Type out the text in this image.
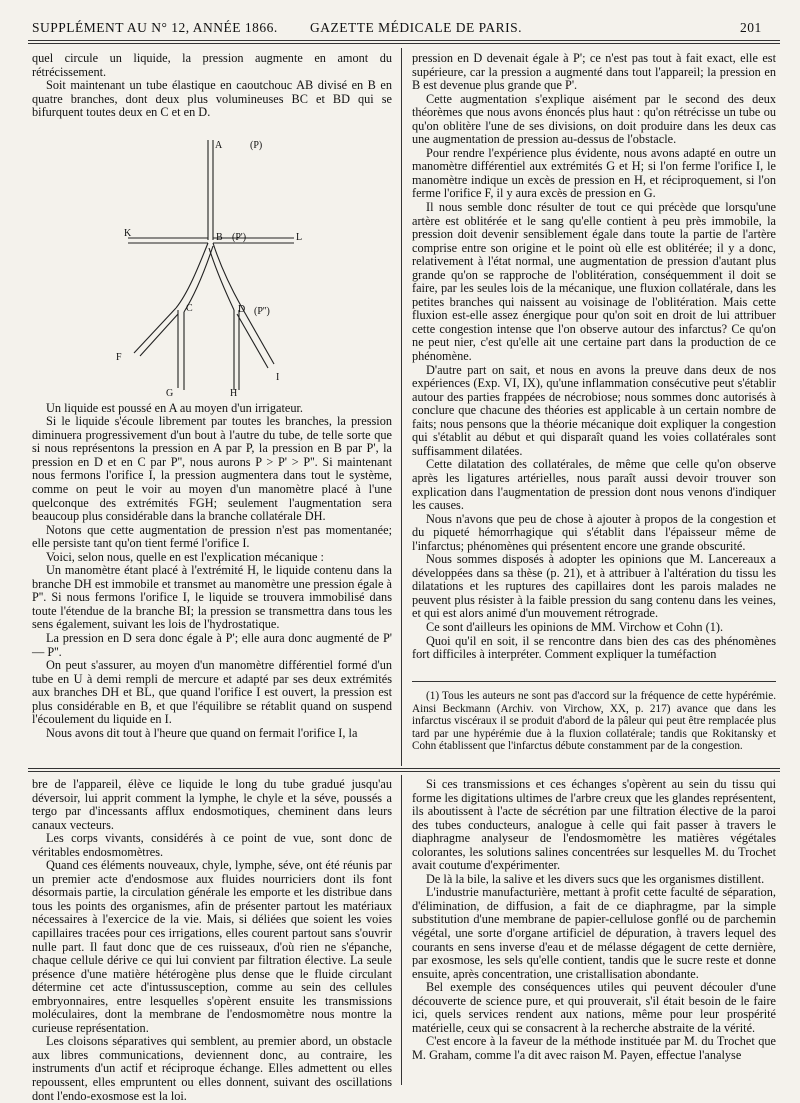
SUPPLÉMENT AU N° 12, ANNÉE 1866. GAZETTE MÉDICALE DE PARIS.	201

quel circule un liquide, la pression augmente en amont du rétrécissement.

Soit maintenant un tube élastique en caoutchouc AB divisé en B en quatre branches, dont deux plus volumineuses BC et BD qui se bifurquent toutes deux en C et en D.

Un liquide est poussé en A au moyen d'un irrigateur.

Si le liquide s'écoule librement par toutes les branches, la pression diminuera progressivement d'un bout à l'autre du tube, de telle sorte que si nous représentons la pression en A par P, la pression en B par P', la pression en D et en C par P'', nous aurons P > P' > P''. Si maintenant nous fermons l'orifice I, la pression augmentera dans tout le système, comme on peut le voir au moyen d'un manomètre placé à l'une quelconque des extrémités FGH; seulement l'augmentation sera beaucoup plus considérable dans la branche collatérale DH.

Notons que cette augmentation de pression n'est pas momentanée; elle persiste tant qu'on tient fermé l'orifice I.

Voici, selon nous, quelle en est l'explication mécanique :

Un manomètre étant placé à l'extrémité H, le liquide contenu dans la branche DH est immobile et transmet au manomètre une pression égale à P''. Si nous fermons l'orifice I, le liquide se trouvera immobilisé dans toute l'étendue de la branche BI; la pression se transmettra dans tous les sens également, suivant les lois de l'hydrostatique.

La pression en D sera donc égale à P'; elle aura donc augmenté de P' — P''.

On peut s'assurer, au moyen d'un manomètre différentiel formé d'un tube en U à demi rempli de mercure et adapté par ses deux extrémités aux branches DH et BL, que quand l'orifice I est ouvert, la pression est plus considérable en B, et que l'équilibre se rétablit quand on suspend l'écoulement du liquide en I.

Nous avons dit tout à l'heure que quand on fermait l'orifice I, la

A	(P)
K	B (P')	L
C	D (P'')
F
G	H
I

pression en D devenait égale à P'; ce n'est pas tout à fait exact, elle est supérieure, car la pression a augmenté dans tout l'appareil; la pression en B est devenue plus grande que P'.

Cette augmentation s'explique aisément par le second des deux théorèmes que nous avons énoncés plus haut : qu'on rétrécisse un tube ou qu'on oblitère l'une de ses divisions, on doit produire dans les deux cas une augmentation de pression au-dessus de l'obstacle.

Pour rendre l'expérience plus évidente, nous avons adapté en outre un manomètre différentiel aux extrémités G et H; si l'on ferme l'orifice I, le manomètre indique un excès de pression en H, et réciproquement, si l'on ferme l'orifice F, il y aura excès de pression en G.

Il nous semble donc résulter de tout ce qui précède que lorsqu'une artère est oblitérée et le sang qu'elle contient à peu près immobile, la pression doit devenir sensiblement égale dans toute la partie de l'artère comprise entre son origine et le point où elle est oblitérée; il y a donc, relativement à l'état normal, une augmentation de pression d'autant plus grande qu'on se rapproche de l'oblitération, conséquemment il doit se faire, par les seules lois de la mécanique, une fluxion collatérale, dans les petites branches qui naissent au voisinage de l'oblitération. Mais cette fluxion est-elle assez énergique pour qu'on soit en droit de lui attribuer cette congestion intense que l'on observe autour des infarctus? Ce qu'on ne peut nier, c'est qu'elle ait une certaine part dans la production de ce phénomène.

D'autre part on sait, et nous en avons la preuve dans deux de nos expériences (Exp. VI, IX), qu'une inflammation consécutive peut s'établir autour des parties frappées de nécrobiose; nous sommes donc autorisés à conclure que chacune des théories est applicable à un certain nombre de faits; nous pensons que la théorie mécanique doit expliquer la congestion qui s'établit au début et qui disparaît quand les voies collatérales sont suffisamment dilatées.

Cette dilatation des collatérales, de même que celle qu'on observe après les ligatures artérielles, nous paraît aussi devoir trouver son explication dans l'augmentation de pression dont nous venons d'indiquer les causes.

Nous n'avons que peu de chose à ajouter à propos de la congestion et du piqueté hémorrhagique qui s'établit dans l'épaisseur même de l'infarctus; phénomènes qui présentent encore une grande obscurité.

Nous sommes disposés à adopter les opinions que M. Lancereaux a développées dans sa thèse (p. 21), et à attribuer à l'altération du tissu les dilatations et les ruptures des capillaires dont les parois malades ne peuvent plus résister à la faible pression du sang contenu dans les veines, et qui est alors animé d'un mouvement rétrograde.

Ce sont d'ailleurs les opinions de MM. Virchow et Cohn (1).

Quoi qu'il en soit, il se rencontre dans bien des cas des phénomènes fort difficiles à interpréter. Comment expliquer la tuméfaction

(1) Tous les auteurs ne sont pas d'accord sur la fréquence de cette hypérémie. Ainsi Beckmann (Archiv. von Virchow, XX, p. 217) avance que dans les infarctus viscéraux il se produit d'abord de la pâleur qui peut être remplacée plus tard par une hypérémie due à la fluxion collatérale; tandis que Rokitansky et Cohn établissent que l'infarctus débute constamment par de la congestion.

bre de l'appareil, élève ce liquide le long du tube gradué jusqu'au déversoir, lui apprit comment la lymphe, le chyle et la séve, poussés a tergo par d'incessants afflux endosmotiques, cheminent dans leurs canaux vecteurs.

Les corps vivants, considérés à ce point de vue, sont donc de véritables endosmomètres.

Quand ces éléments nouveaux, chyle, lymphe, séve, ont été réunis par un premier acte d'endosmose aux fluides nourriciers dont ils font désormais partie, la circulation générale les emporte et les distribue dans tous les points des organismes, afin de présenter partout les matériaux nécessaires à l'exercice de la vie. Mais, si déliées que soient les voies capillaires tracées pour ces irrigations, elles courent partout sans s'ouvrir nulle part. Il faut donc que de ces ruisseaux, d'où rien ne s'épanche, chaque cellule dérive ce qui lui convient par filtration élective. La seule présence d'une matière hétérogène plus dense que le fluide circulant détermine cet acte d'intussusception, comme au sein des cellules embryonnaires, entre lesquelles s'opèrent ensuite les transmissions moléculaires, dont la membrane de l'endosmomètre nous montre la curieuse représentation.

Les cloisons séparatives qui semblent, au premier abord, un obstacle aux libres communications, deviennent donc, au contraire, les instruments d'un actif et réciproque échange. Elles admettent ou elles repoussent, elles empruntent ou elles donnent, suivant des oscillations dont l'endo-exosmose est la loi.

Si ces transmissions et ces échanges s'opèrent au sein du tissu qui forme les digitations ultimes de l'arbre creux que les glandes représentent, ils aboutissent à l'acte de sécrétion par une filtration élective de la paroi des tubes conducteurs, analogue à celle qui fait passer à travers le diaphragme analyseur de l'endosmomètre les matières végétales colorantes, les solutions salines concentrées sur lesquelles M. du Trochet avait coutume d'expérimenter.

De là la bile, la salive et les divers sucs que les organismes distillent.

L'industrie manufacturière, mettant à profit cette faculté de séparation, d'élimination, de diffusion, a fait de ce diaphragme, par la simple substitution d'une membrane de papier-cellulose gonflé ou de parchemin végétal, une sorte d'organe artificiel de dépuration, à travers lequel des courants en sens inverse d'eau et de mélasse dégagent de cette dernière, par exosmose, les sels qu'elle contient, tandis que le sucre reste et donne ensuite, après concentration, une cristallisation abondante.

Bel exemple des conséquences utiles qui peuvent découler d'une découverte de science pure, et qui prouverait, s'il était besoin de le faire ici, quels services rendent aux nations, même pour leur prospérité matérielle, ceux qui se consacrent à la recherche abstraite de la vérité.

C'est encore à la faveur de la méthode instituée par M. du Trochet que M. Graham, comme l'a dit avec raison M. Payen, effectue l'analyse
